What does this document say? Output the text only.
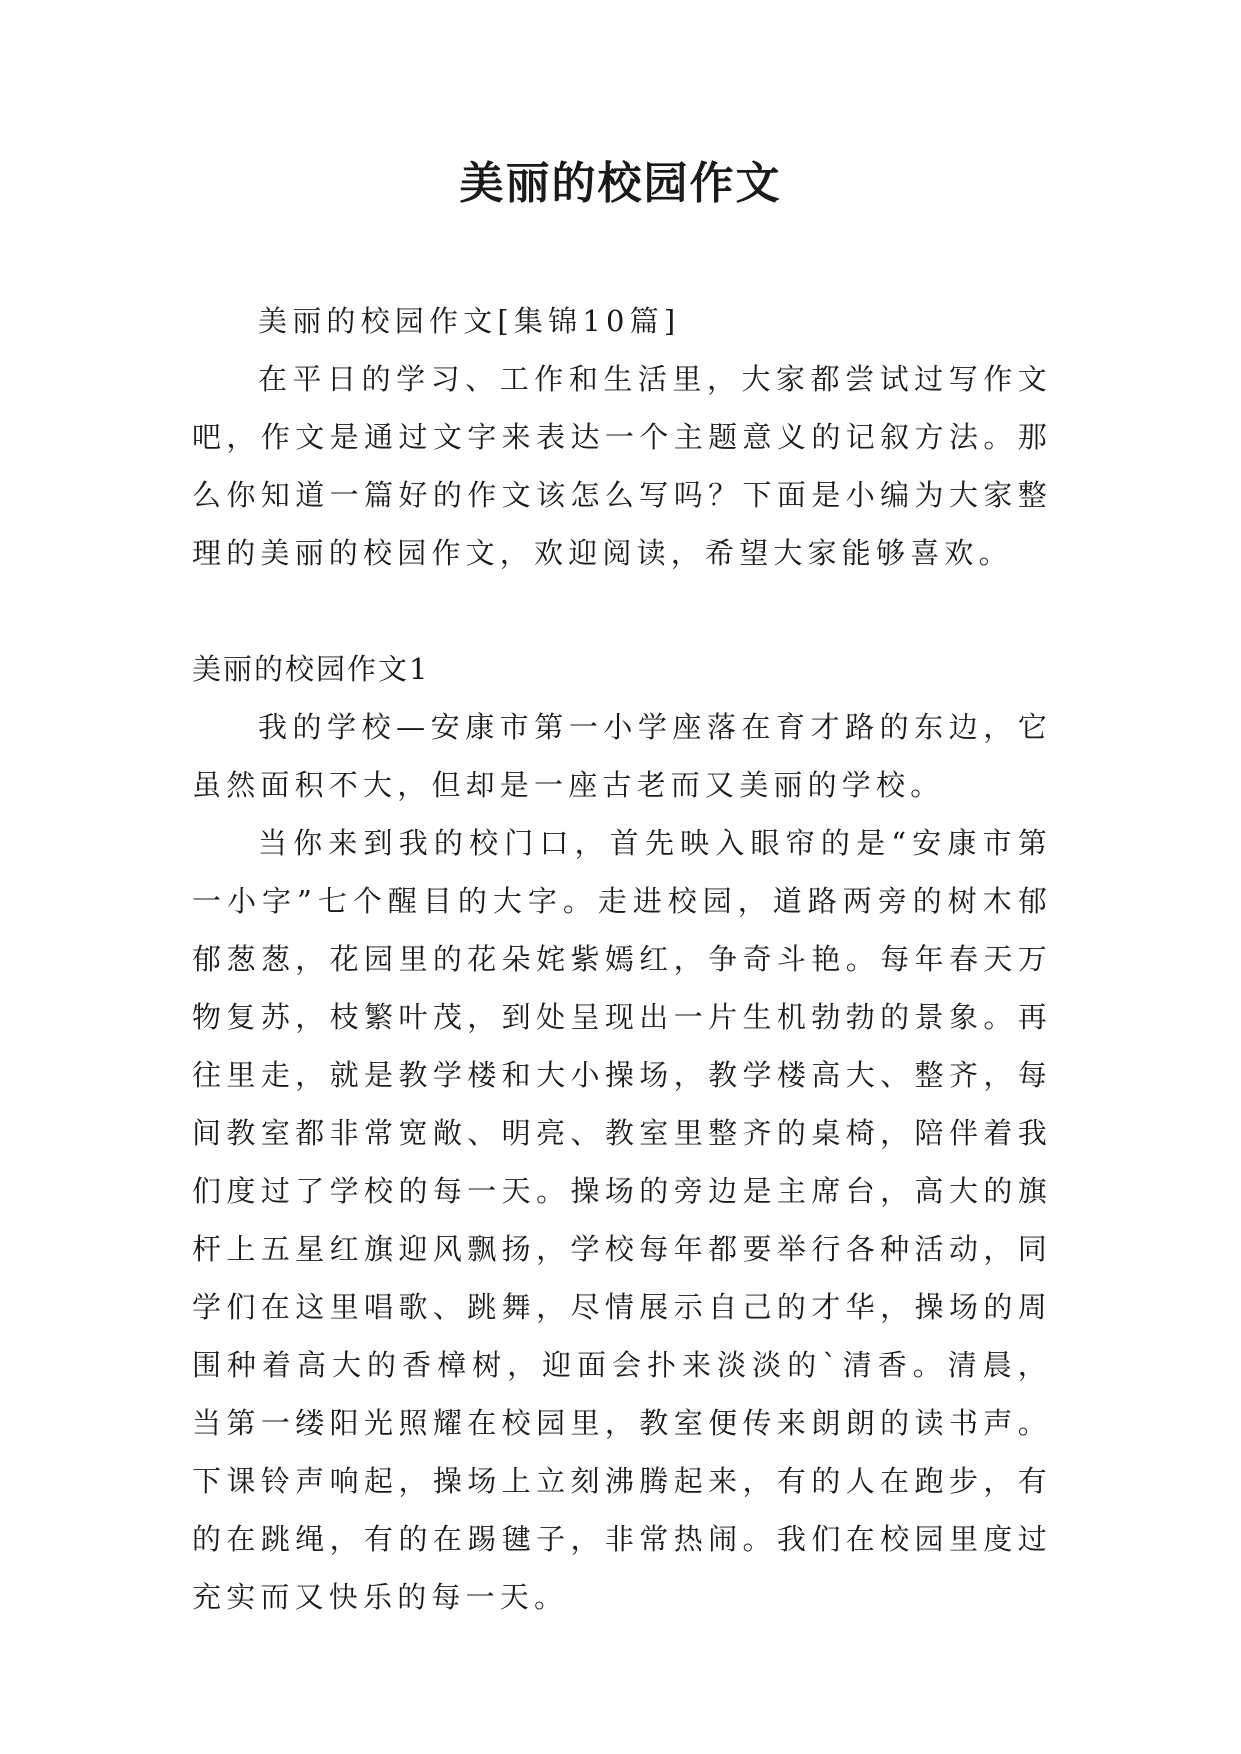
美丽的校园作文

美丽的校园作文[集锦10篇]

在平日的学习、工作和生活里，大家都尝试过写作文吧，作文是通过文字来表达一个主题意义的记叙方法。那么你知道一篇好的作文该怎么写吗？下面是小编为大家整理的美丽的校园作文，欢迎阅读，希望大家能够喜欢。

美丽的校园作文1

我的学校—安康市第一小学座落在育才路的东边，它虽然面积不大，但却是一座古老而又美丽的学校。

当你来到我的校门口，首先映入眼帘的是“安康市第一小字”七个醒目的大字。走进校园，道路两旁的树木郁郁葱葱，花园里的花朵姹紫嫣红，争奇斗艳。每年春天万物复苏，枝繁叶茂，到处呈现出一片生机勃勃的景象。再往里走，就是教学楼和大小操场，教学楼高大、整齐，每间教室都非常宽敞、明亮、教室里整齐的桌椅，陪伴着我们度过了学校的每一天。操场的旁边是主席台，高大的旗杆上五星红旗迎风飘扬，学校每年都要举行各种活动，同学们在这里唱歌、跳舞，尽情展示自己的才华，操场的周围种着高大的香樟树，迎面会扑来淡淡的`清香。清晨，当第一缕阳光照耀在校园里，教室便传来朗朗的读书声。下课铃声响起，操场上立刻沸腾起来，有的人在跑步，有的在跳绳，有的在踢毽子，非常热闹。我们在校园里度过充实而又快乐的每一天。
